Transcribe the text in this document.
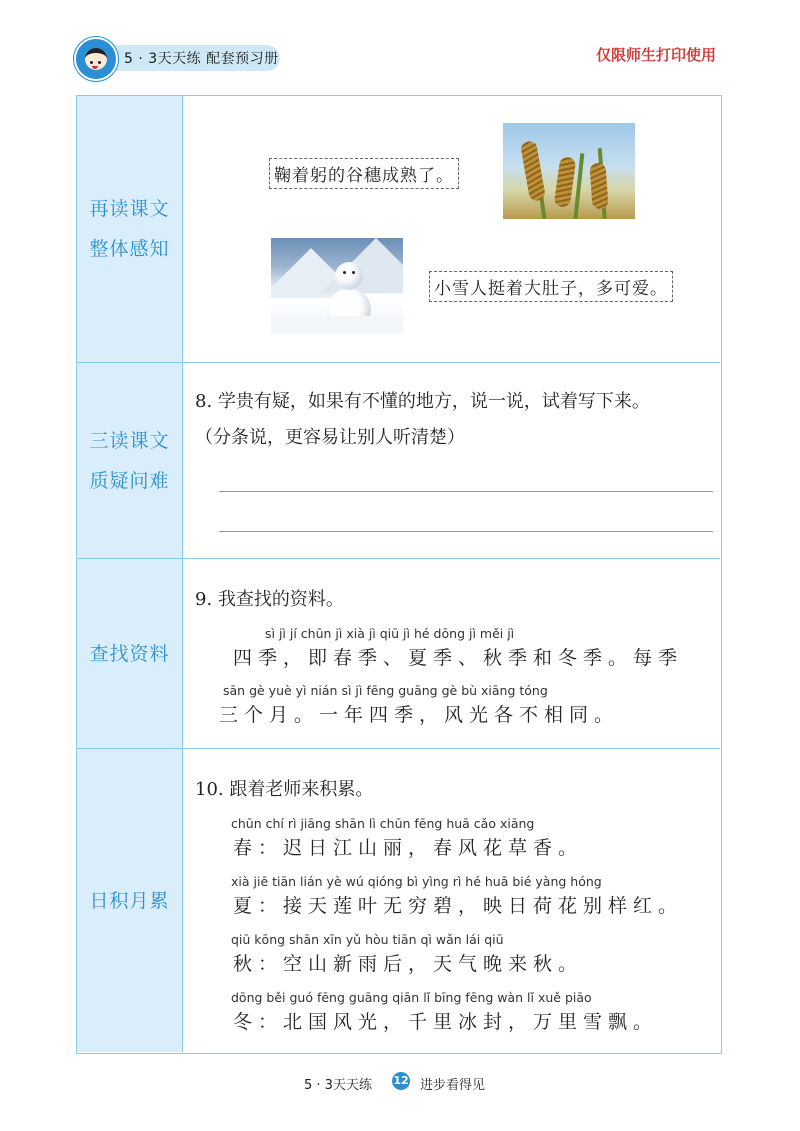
5 · 3天天练 配套预习册	仅限师生打印使用
再读课文
整体感知
鞠着躬的谷穗成熟了。
小雪人挺着大肚子，多可爱。
三读课文
质疑问难
8. 学贵有疑，如果有不懂的地方，说一说，试着写下来。
（分条说，更容易让别人听清楚）
查找资料
9. 我查找的资料。
sì jì jí chūn jì xià jì qiū jì hé dōng jì měi jì
四季，即春季、夏季、秋季和冬季。每季
sān gè yuè yì nián sì jì fēng guāng gè bù xiāng tóng
三个月。一年四季，风光各不相同。
日积月累
10. 跟着老师来积累。
chūn chí rì jiāng shān lì chūn fēng huā cǎo xiāng
春：迟日江山丽，春风花草香。
xià jiē tiān lián yè wú qióng bì yìng rì hé huā bié yàng hóng
夏：接天莲叶无穷碧，映日荷花别样红。
qiū kōng shān xīn yǔ hòu tiān qì wǎn lái qiū
秋：空山新雨后，天气晚来秋。
dōng běi guó fēng guāng qiān lǐ bīng fēng wàn lǐ xuě piāo
冬：北国风光，千里冰封，万里雪飘。
5 · 3天天练 12 进步看得见
